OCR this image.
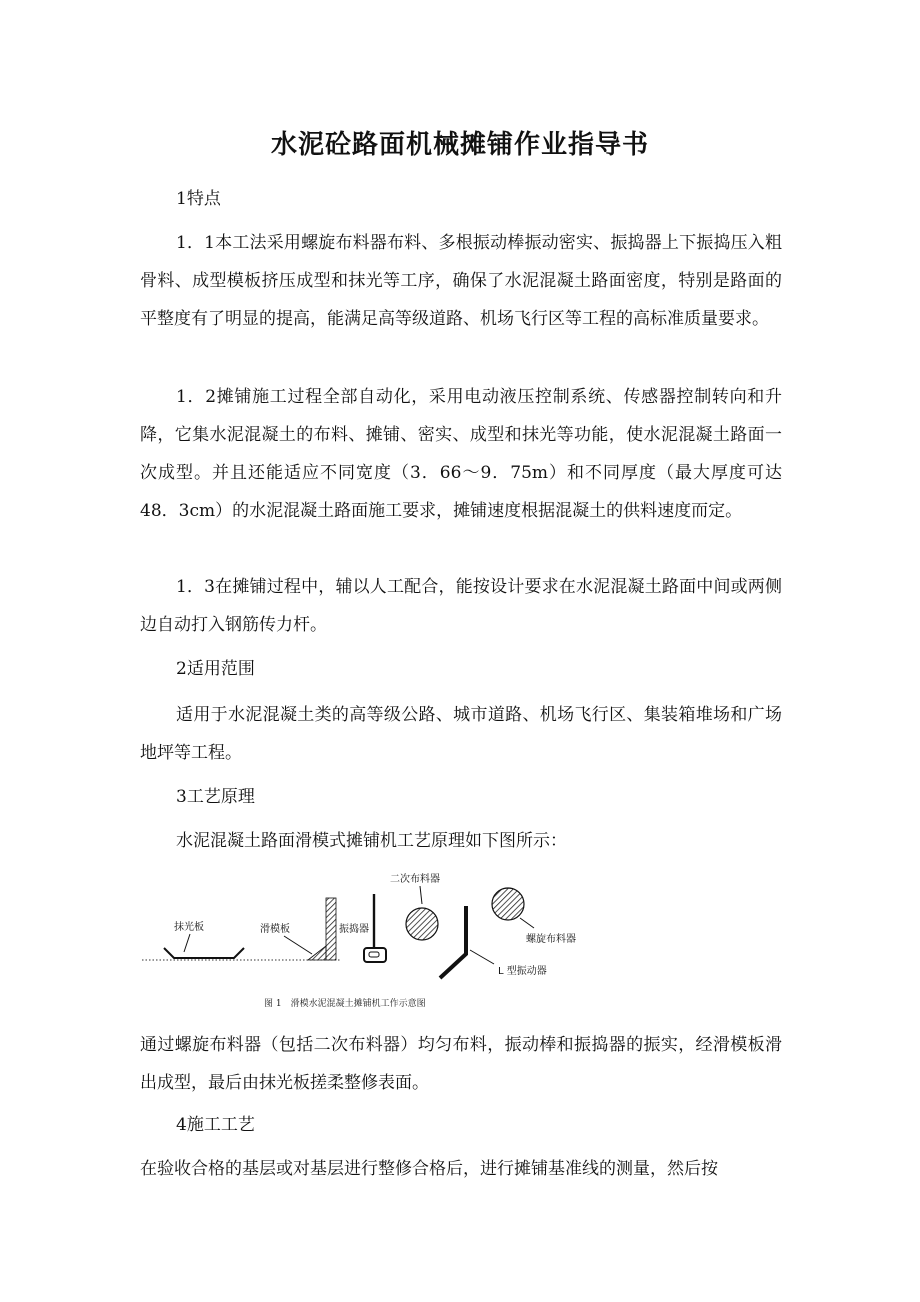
水泥砼路面机械摊铺作业指导书
1特点
1．1本工法采用螺旋布料器布料、多根振动棒振动密实、振捣器上下振捣压入粗骨料、成型模板挤压成型和抹光等工序，确保了水泥混凝土路面密度，特别是路面的平整度有了明显的提高，能满足高等级道路、机场飞行区等工程的高标准质量要求。
1．2摊铺施工过程全部自动化，采用电动液压控制系统、传感器控制转向和升降，它集水泥混凝土的布料、摊铺、密实、成型和抹光等功能，使水泥混凝土路面一次成型。并且还能适应不同宽度（3．66～9．75m）和不同厚度（最大厚度可达48．3cm）的水泥混凝土路面施工要求，摊铺速度根据混凝土的供料速度而定。
1．3在摊铺过程中，辅以人工配合，能按设计要求在水泥混凝土路面中间或两侧边自动打入钢筋传力杆。
2适用范围
适用于水泥混凝土类的高等级公路、城市道路、机场飞行区、集装箱堆场和广场地坪等工程。
3工艺原理
水泥混凝土路面滑模式摊铺机工艺原理如下图所示：
抹光板	滑模板	振捣器
二次布料器
L 型振动器
螺旋布料器
图 1　滑模水泥混凝土摊铺机工作示意图
通过螺旋布料器（包括二次布料器）均匀布料，振动棒和振捣器的振实，经滑模板滑出成型，最后由抹光板搓柔整修表面。
4施工工艺
在验收合格的基层或对基层进行整修合格后，进行摊铺基准线的测量，然后按
